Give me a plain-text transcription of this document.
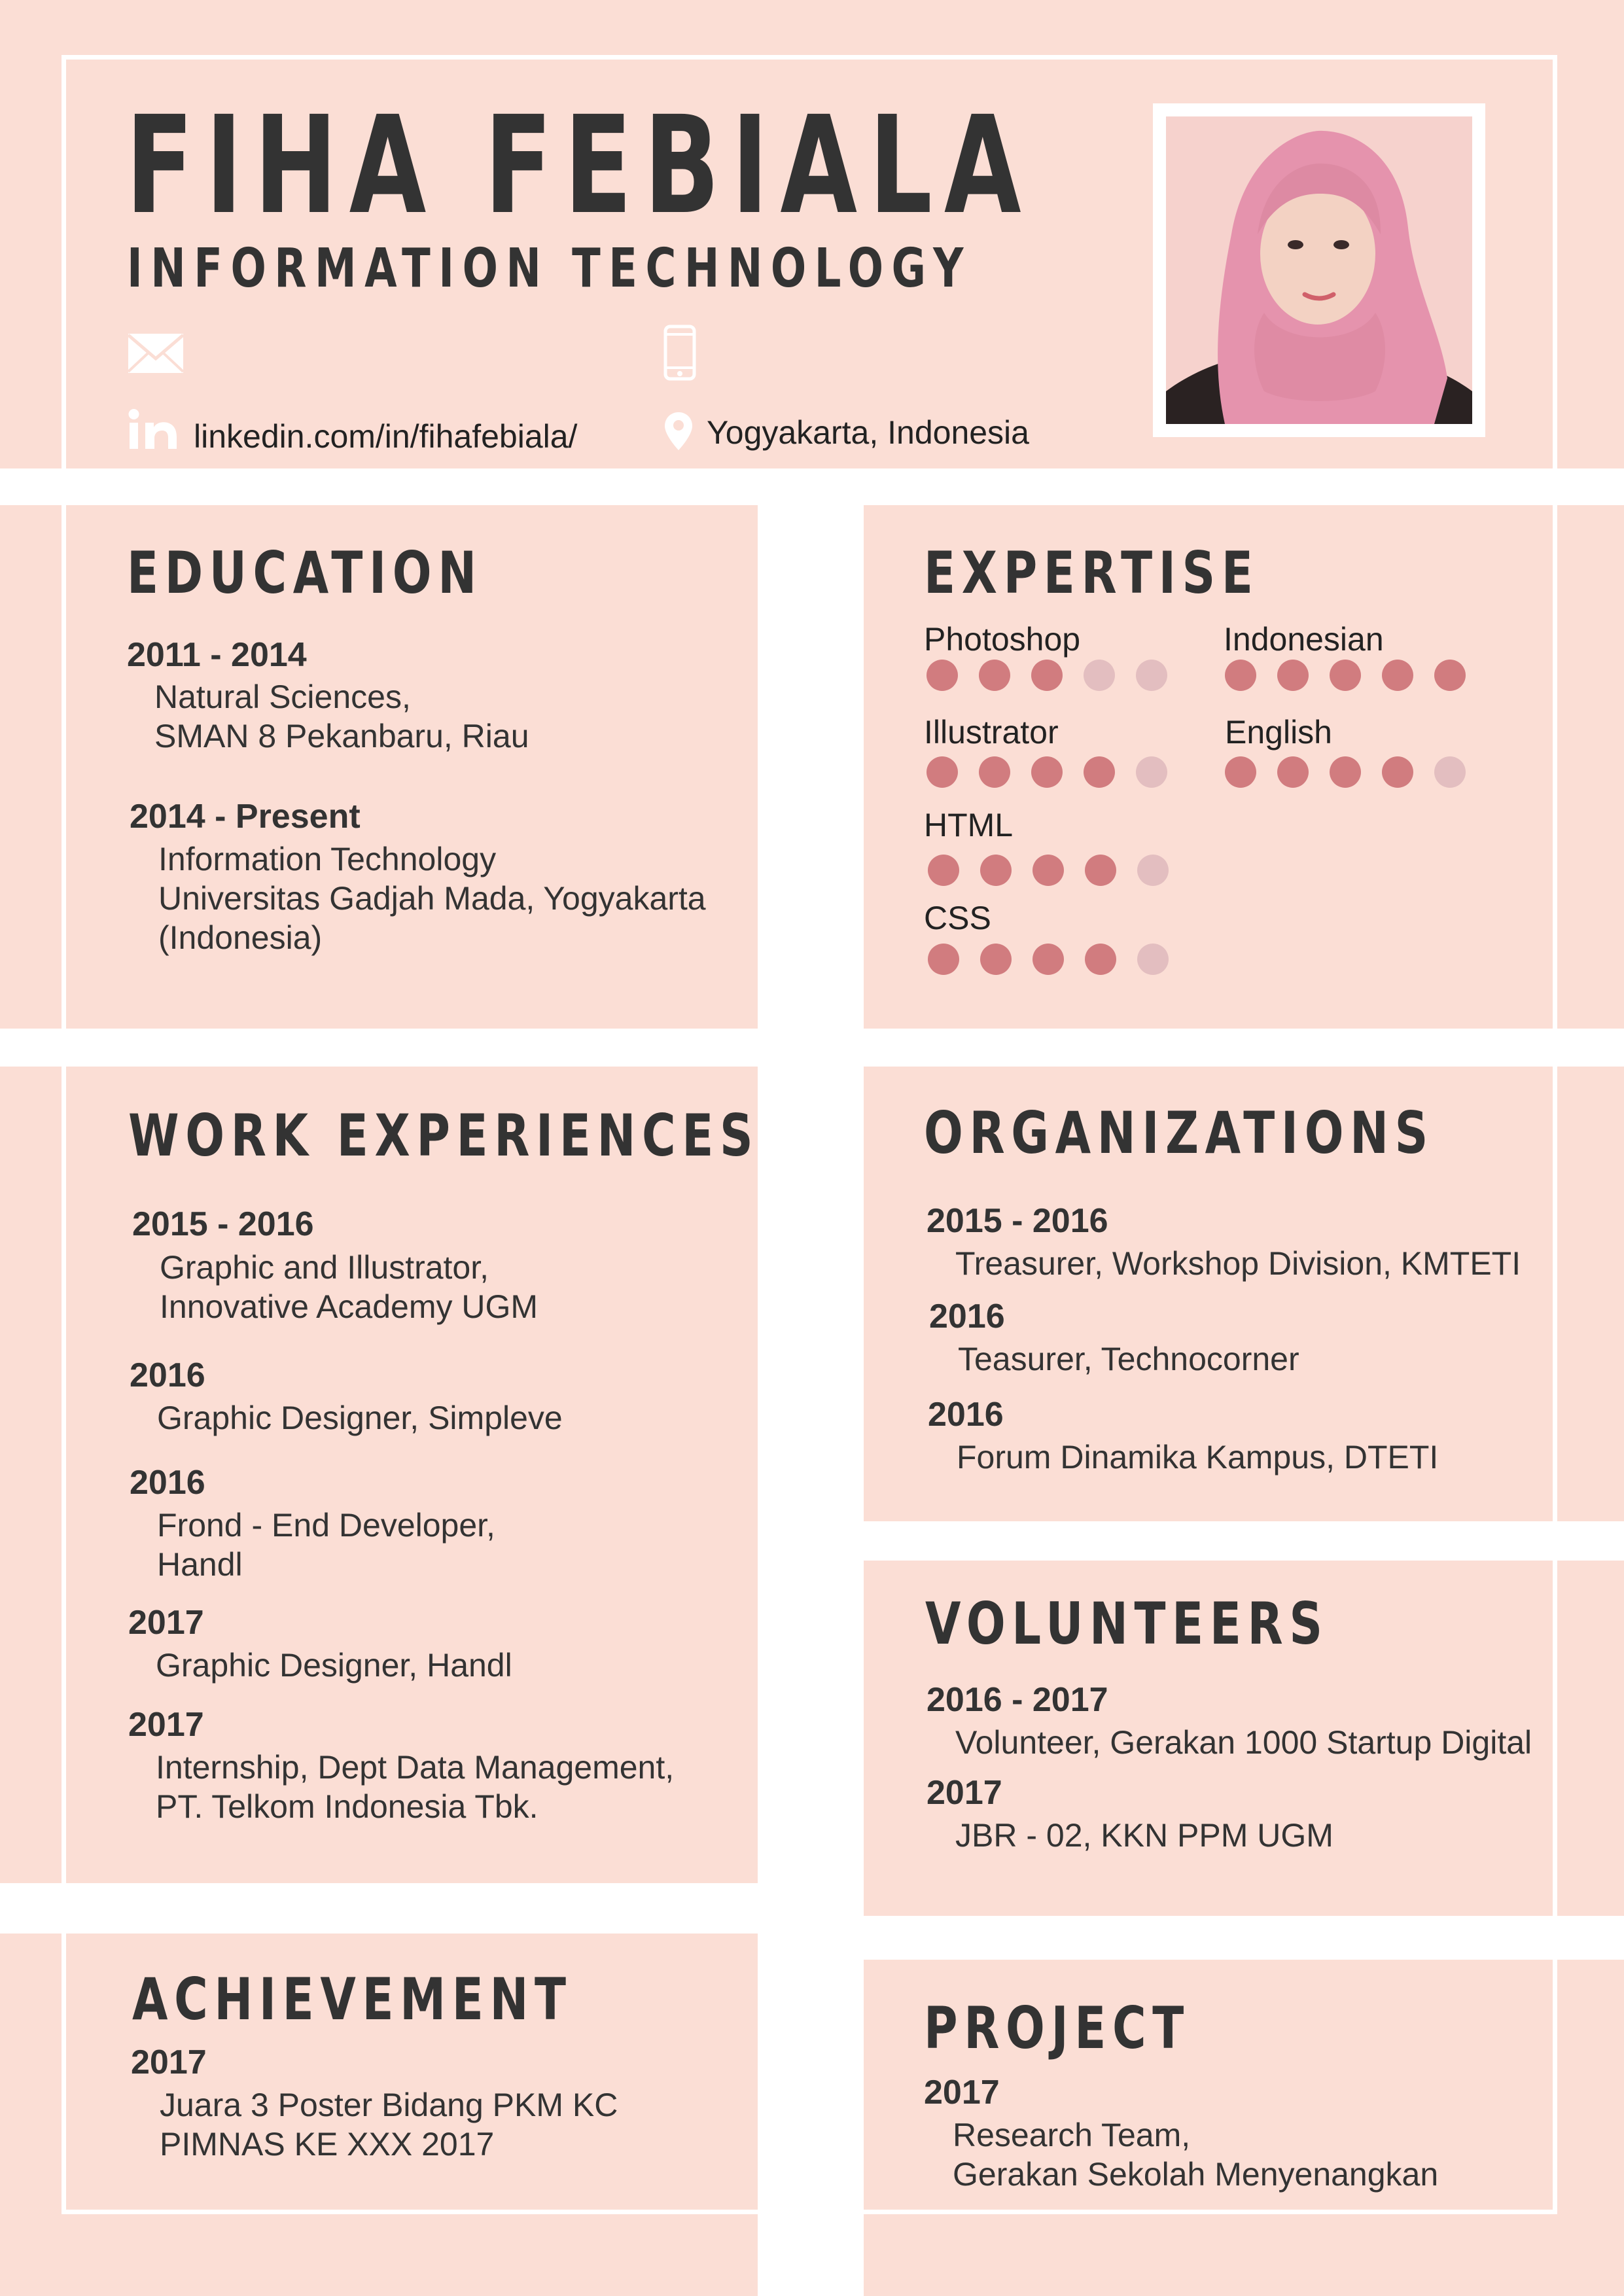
FIHA FEBIALA
INFORMATION TECHNOLOGY
linkedin.com/in/fihafebiala/	Yogyakarta, Indonesia
EDUCATION
2011 - 2014
Natural Sciences,
SMAN 8 Pekanbaru, Riau
2014 - Present
Information Technology
Universitas Gadjah Mada, Yogyakarta
(Indonesia)
EXPERTISE
Photoshop
Illustrator
HTML
CSS
Indonesian
English
WORK EXPERIENCES
2015 - 2016
Graphic and Illustrator,
Innovative Academy UGM
2016
Graphic Designer, Simpleve
2016
Frond - End Developer,
Handl
2017
Graphic Designer, Handl
2017
Internship, Dept Data Management,
PT. Telkom Indonesia Tbk.
ORGANIZATIONS
2015 - 2016
Treasurer, Workshop Division, KMTETI
2016
Teasurer, Technocorner
2016
Forum Dinamika Kampus, DTETI
VOLUNTEERS
2016 - 2017
Volunteer, Gerakan 1000 Startup Digital
2017
JBR - 02, KKN PPM UGM
ACHIEVEMENT
2017
Juara 3 Poster Bidang PKM KC
PIMNAS KE XXX 2017
PROJECT
2017
Research Team,
Gerakan Sekolah Menyenangkan
